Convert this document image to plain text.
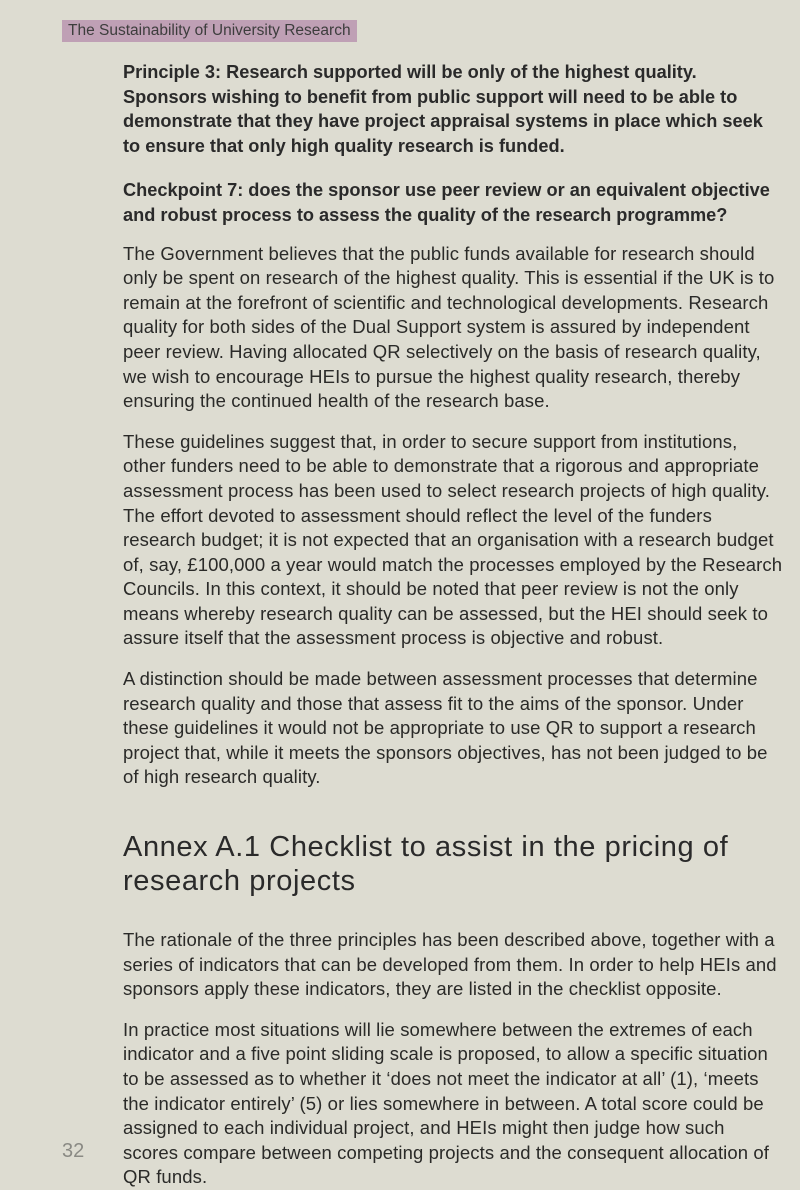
The Sustainability of University Research

Principle 3: Research supported will be only of the highest quality. Sponsors wishing to benefit from public support will need to be able to demonstrate that they have project appraisal systems in place which seek to ensure that only high quality research is funded.

Checkpoint 7: does the sponsor use peer review or an equivalent objective and robust process to assess the quality of the research programme?

The Government believes that the public funds available for research should only be spent on research of the highest quality. This is essential if the UK is to remain at the forefront of scientific and technological developments. Research quality for both sides of the Dual Support system is assured by independent peer review. Having allocated QR selectively on the basis of research quality, we wish to encourage HEIs to pursue the highest quality research, thereby ensuring the continued health of the research base.

These guidelines suggest that, in order to secure support from institutions, other funders need to be able to demonstrate that a rigorous and appropriate assessment process has been used to select research projects of high quality. The effort devoted to assessment should reflect the level of the funders research budget; it is not expected that an organisation with a research budget of, say, £100,000 a year would match the processes employed by the Research Councils. In this context, it should be noted that peer review is not the only means whereby research quality can be assessed, but the HEI should seek to assure itself that the assessment process is objective and robust.

A distinction should be made between assessment processes that determine research quality and those that assess fit to the aims of the sponsor. Under these guidelines it would not be appropriate to use QR to support a research project that, while it meets the sponsors objectives, has not been judged to be of high research quality.

Annex A.1 Checklist to assist in the pricing of research projects

The rationale of the three principles has been described above, together with a series of indicators that can be developed from them. In order to help HEIs and sponsors apply these indicators, they are listed in the checklist opposite.

In practice most situations will lie somewhere between the extremes of each indicator and a five point sliding scale is proposed, to allow a specific situation to be assessed as to whether it ‘does not meet the indicator at all’ (1), ‘meets the indicator entirely’ (5) or lies somewhere in between. A total score could be assigned to each individual project, and HEIs might then judge how such scores compare between competing projects and the consequent allocation of QR funds.

32
